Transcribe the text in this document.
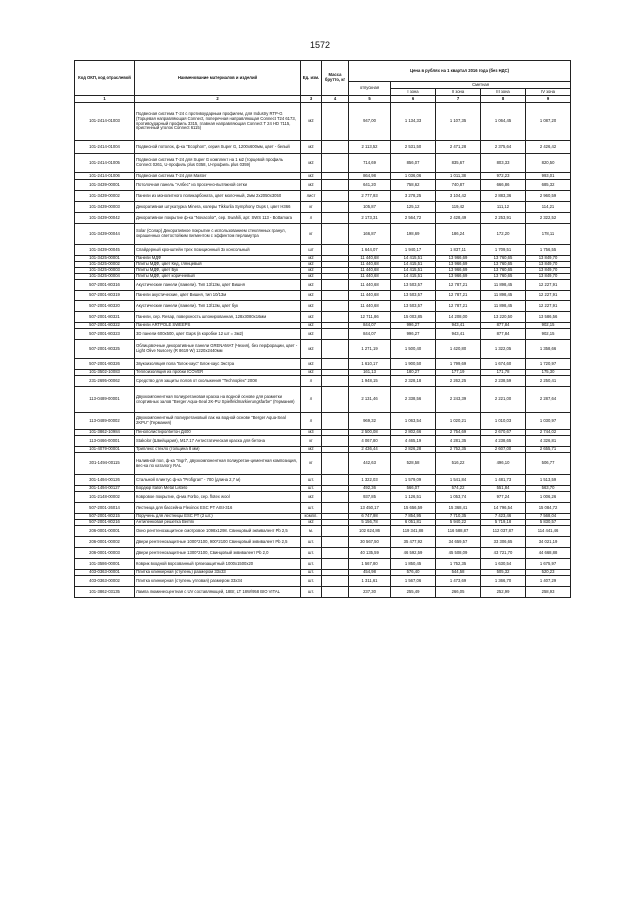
1572
Код ОКП, код отраслевой	Наименование материалов и изделий	Ед. изм.	Масса брутто, кг	Цена в рублях на 1 квартал 2016 года (без НДС)				
				отпускная	Сметная			
					I зона	II зона	III зона	IV зона
1	2	3	4	5	6	7	8	9
101-2414-01003	Подвесная система Т-24 с противоударным профилем, для Industry RTP-G (Торцевая направляющая Connect, поперечная направляющая Connect T24 6173, противоударный профиль 3315, главная направляющая Connect T 24 HD 7115, пристенный уголок Connect 6115)	м2		947,00	1 134,33	1 107,35	1 064,45	1 087,20
101-2414-01004	Подвесной потолок, ф-ка "Ecophon", серия Super G, 1200х600мм, цвет - белый	м2		2 113,52	2 531,50	2 471,28	2 375,64	2 426,42
101-2414-01005	Подвесная система Т-24 для Super G комплект на 1 м2 (торцевой профиль Connect 0261, U-профиль plus 0358, U-профиль plus 0359)	м2		714,69	856,07	835,67	803,33	820,50
101-2414-01006	Подвесная система Т-24 для Master	м2		864,98	1 036,06	1 011,38	972,23	993,01
101-3439-00001	Потолочная панель "Албес" из просечно-вытяжной сетки	м2		641,20	758,62	740,87	666,86	685,32
101-3439-00002	Панели из монолитного поликарбоната, цвет молочный, 2мм 2х2050х3050	лист		2 777,93	3 278,25	3 104,42	2 883,36	2 960,59
101-3439-00003	Декоративная штукатурка Minera, колеры Tikkurila Symphony Oups I, цвет H366	кг		105,87	125,12	119,42	111,12	114,21
101-3439-00042	Декоративное покрытие ф-ка "Novacolor", сер. Swahili, арт. SWS 113 - Bottamara	л		2 173,31	2 564,72	2 428,49	2 253,91	2 322,52
101-3439-00044	Solar (Солар) Декоративное покрытие с использованием стеклянных гранул, окрашенных светостойким пигментом с эффектом перламутра	кг		166,87	198,69	186,24	172,20	178,11
101-3439-00045	Спайдерный кронштейн трех позиционный 3х консольный	шт		1 644,07	1 940,17	1 837,11	1 709,51	1 756,55
101-3425-00001	Панели МДФ	м2		11 440,68	14 415,51	13 966,69	13 760,65	13 849,70
101-3425-00002	Плиты МДФ, цвет Кед, глянцевый	м2		11 440,68	14 415,51	13 966,69	13 760,65	13 849,70
101-3425-00003	Плиты МДФ, цвет Бук	м2		11 440,68	14 415,51	13 966,69	13 760,65	13 849,70
101-3425-00004	Плиты МДФ, цвет коричневый	м2		11 440,68	14 415,51	13 966,69	13 760,65	13 849,70
507-2001-80316	Акустические панели (ламели). Тип 13/13м, цвет Вишня	м2		11 440,68	13 503,57	12 787,21	11 898,45	12 227,91
507-2001-80319	Панели акустические, цвет Вишня, тип 10/13м	м2		11 440,68	13 503,57	12 787,21	11 898,45	12 227,91
507-2001-80320	Акустические панели (ламели). Тип 13/13м, цвет бук	м2		11 440,68	13 503,57	12 787,21	11 898,45	12 227,91
507-2001-80321	Панели, сер. Resap, поверхность шпонированная, 128х3080х16мм	м2		12 711,86	15 003,85	14 208,00	13 220,50	13 586,56
507-2001-80322	Панели ARTPOLE SWEEPS	м2		844,07	996,27	943,41	877,84	902,15
507-2001-80323	3D панели 600х500, цвет Gaps (в коробке 12 шт = 3м2)	м2		844,07	996,27	943,41	877,84	902,15
507-2001-80325	Облицовочные декоративные панели GRENAMAT (Чехия), без перфорации, цвет - Light Olive Nuscery (R 8619 W) 1220х2440мм	м2		1 271,19	1 500,40	1 420,80	1 322,05	1 358,66
507-2001-80326	Звукоизоляция пола "Блок-хаус" Блок-хаус Экстра	м2		1 610,17	1 900,50	1 799,69	1 674,60	1 720,97
101-3502-10083	Теплоизоляция из пробки ICOVER	м2		161,13	180,27	177,19	171,78	175,30
231-2695-00062	Средство для защиты полов от скольжения "Technoplex" 2008	л		1 948,15	2 328,18	2 262,25	2 238,59	2 250,41
113-0489-00001	Двухкомпонентная полиуретановая краска на водной основе для разметки спортивных залов "Berger Aqua-Seal 2K-PU Spielfeldmarkierungsfarbe" (Германия)	л		2 131,46	2 338,56	2 243,39	2 221,00	2 287,64
113-0489-00002	Двухкомпонентный полиуретановый лак на водной основе "Berger Aqua-Seal 2KPU" (Германия)	л		969,32	1 063,54	1 020,21	1 010,03	1 030,97
101-3862-10984	Пенополистиролбетон Д400	м3		2 500,08	2 802,66	2 754,69	2 670,67	2 744,02
113-0466-00001	Stakolor (Швейцария), М17.17 Антистатическая краска для бетона	кг		4 067,80	4 465,19	4 281,35	4 238,65	4 326,81
101-4079-00001	Триплекс стекло (толщина 8 мм)	м2		2 436,44	2 826,28	2 752,35	2 607,00	2 655,71
301-1494-00115	Наливной пол, ф-ка "Ingri", двухкомпонентная полиуретан-цементная композиция, вес-ка по каталогу RAL	кг		442,63	528,58	516,22	496,10	506,77
301-1494-00126	Стальной плинтус ф-ка "Profigran" - 700 (длина 2,7 м)	шт.		1 322,03	1 579,09	1 541,84	1 481,73	1 513,59
301-1494-00127	Бордюр Italon Metal Listelo	шт.		492,36	566,07	574,22	551,84	563,70
101-2148-00002	Ковровое покрытие, ф-ма Forbo, сер. flotex wool	м2		937,85	1 126,51	1 053,74	977,24	1 006,26
507-2001-26014	Лестница для бассейна Flexinox ESC PT AISI-316	шт.		13 450,17	15 656,59	15 368,41	14 796,54	15 084,72
507-2001-80215	Поручень для лестницы ESC PT (2 шт.)	компл.		6 747,98	7 854,95	7 710,35	7 423,46	7 568,04
507-2001-80216	Антипенковая решетка Berrini	м2		5 156,78	6 051,81	5 940,22	5 719,18	5 830,57
206-0001-00001	Окно рентгенозащитное смотровое 1098х1298. Свинцовый эквивалент Pb 2,5	м.		102 624,86	119 341,88	116 588,87	112 037,87	114 441,46
206-0001-00002	Двери рентгенозащитные 1000*2100, 900*2100 Свинцовый эквивалент Pb 2,5	шт.		30 567,50	35 477,92	34 659,57	33 306,65	34 021,19
206-0001-00003	Двери рентгенозащитные 1300*2100, Свинцовый эквивалент Pb 2,0	шт.		40 135,59	46 592,59	45 508,09	43 721,70	44 668,88
101-3586-00001	Коврик входной ворсованный грязезащитный 1000х1500х20	шт.		1 567,80	1 850,45	1 752,35	1 630,54	1 675,97
403-0363-00001	Плитка клинкерная (ступень) размером 33х33	шт.		454,98	576,40	544,58	505,32	520,23
403-0363-00002	Плитка клинкерная (ступень угловая) размером 33х34	шт.		1 311,61	1 567,06	1 473,69	1 366,70	1 407,29
101-3862-03135	Лампа люминесцентная с UV составляющей, 18Вт, LT 18W/958 BIO VITAL	шт.		237,30	255,49	266,05	252,99	258,93
